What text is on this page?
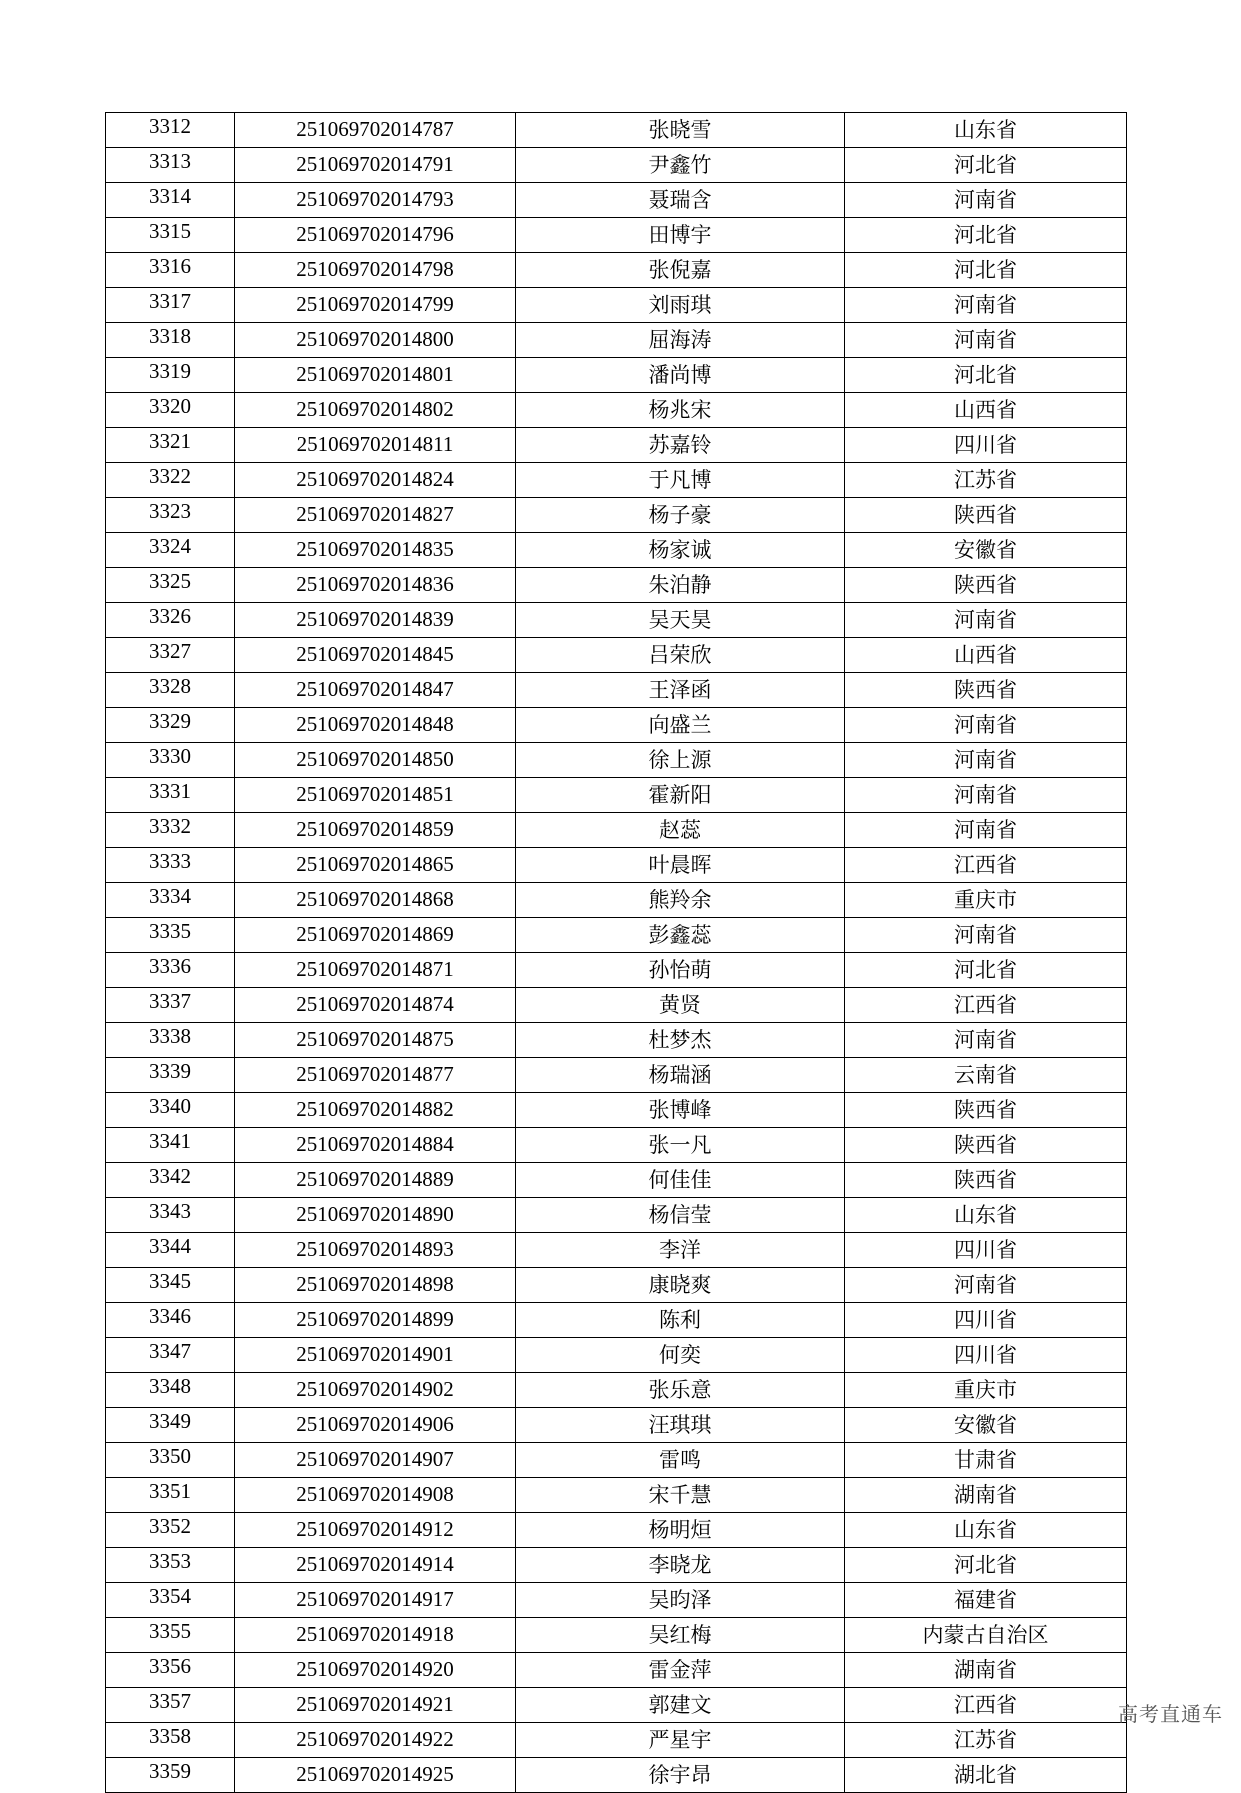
3312	251069702014787	张晓雪	山东省
3313	251069702014791	尹鑫竹	河北省
3314	251069702014793	聂瑞含	河南省
3315	251069702014796	田博宇	河北省
3316	251069702014798	张倪嘉	河北省
3317	251069702014799	刘雨琪	河南省
3318	251069702014800	屈海涛	河南省
3319	251069702014801	潘尚博	河北省
3320	251069702014802	杨兆宋	山西省
3321	251069702014811	苏嘉铃	四川省
3322	251069702014824	于凡博	江苏省
3323	251069702014827	杨子豪	陕西省
3324	251069702014835	杨家诚	安徽省
3325	251069702014836	朱泊静	陕西省
3326	251069702014839	吴天昊	河南省
3327	251069702014845	吕荣欣	山西省
3328	251069702014847	王泽函	陕西省
3329	251069702014848	向盛兰	河南省
3330	251069702014850	徐上源	河南省
3331	251069702014851	霍新阳	河南省
3332	251069702014859	赵蕊	河南省
3333	251069702014865	叶晨晖	江西省
3334	251069702014868	熊羚余	重庆市
3335	251069702014869	彭鑫蕊	河南省
3336	251069702014871	孙怡萌	河北省
3337	251069702014874	黄贤	江西省
3338	251069702014875	杜梦杰	河南省
3339	251069702014877	杨瑞涵	云南省
3340	251069702014882	张博峰	陕西省
3341	251069702014884	张一凡	陕西省
3342	251069702014889	何佳佳	陕西省
3343	251069702014890	杨信莹	山东省
3344	251069702014893	李洋	四川省
3345	251069702014898	康晓爽	河南省
3346	251069702014899	陈利	四川省
3347	251069702014901	何奕	四川省
3348	251069702014902	张乐意	重庆市
3349	251069702014906	汪琪琪	安徽省
3350	251069702014907	雷鸣	甘肃省
3351	251069702014908	宋千慧	湖南省
3352	251069702014912	杨明烜	山东省
3353	251069702014914	李晓龙	河北省
3354	251069702014917	吴昀泽	福建省
3355	251069702014918	吴红梅	内蒙古自治区
3356	251069702014920	雷金萍	湖南省
3357	251069702014921	郭建文	江西省
3358	251069702014922	严星宇	江苏省
3359	251069702014925	徐宇昂	湖北省
高考直通车
